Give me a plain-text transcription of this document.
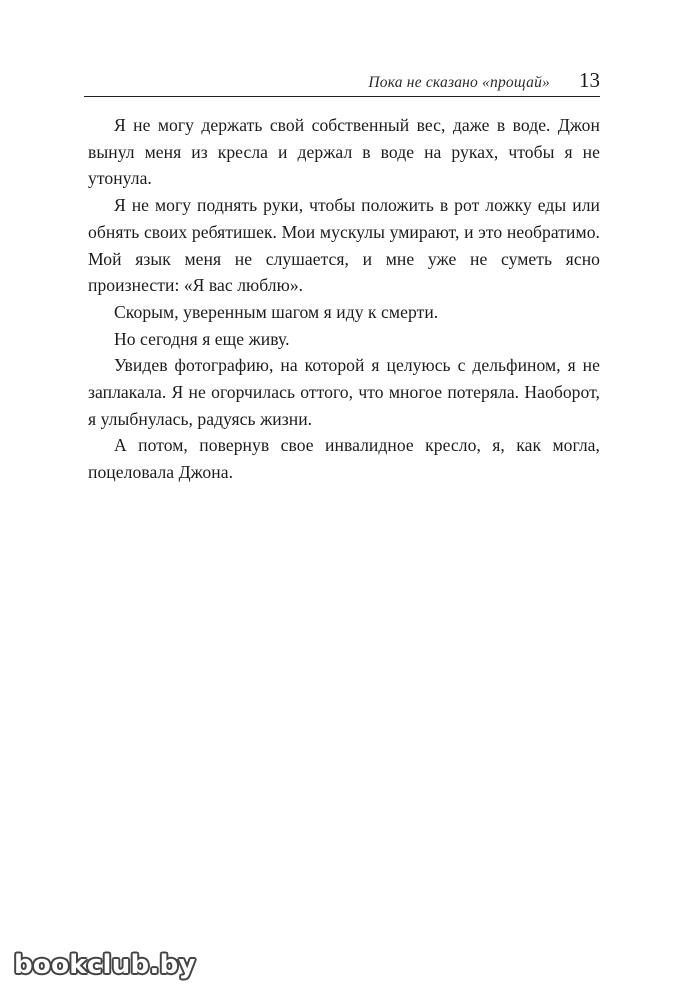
Пока не сказано «прощай» 13

Я не могу держать свой собственный вес, даже в воде. Джон вынул меня из кресла и держал в воде на руках, чтобы я не утонула.

Я не могу поднять руки, чтобы положить в рот ложку еды или обнять своих ребятишек. Мои мускулы умирают, и это необратимо. Мой язык меня не слушается, и мне уже не суметь ясно произнести: «Я вас люблю».

Скорым, уверенным шагом я иду к смерти.

Но сегодня я еще живу.

Увидев фотографию, на которой я целуюсь с дельфином, я не заплакала. Я не огорчилась оттого, что многое потеряла. Наоборот, я улыбнулась, радуясь жизни.

А потом, повернув свое инвалидное кресло, я, как могла, поцеловала Джона.

bookclub.by
